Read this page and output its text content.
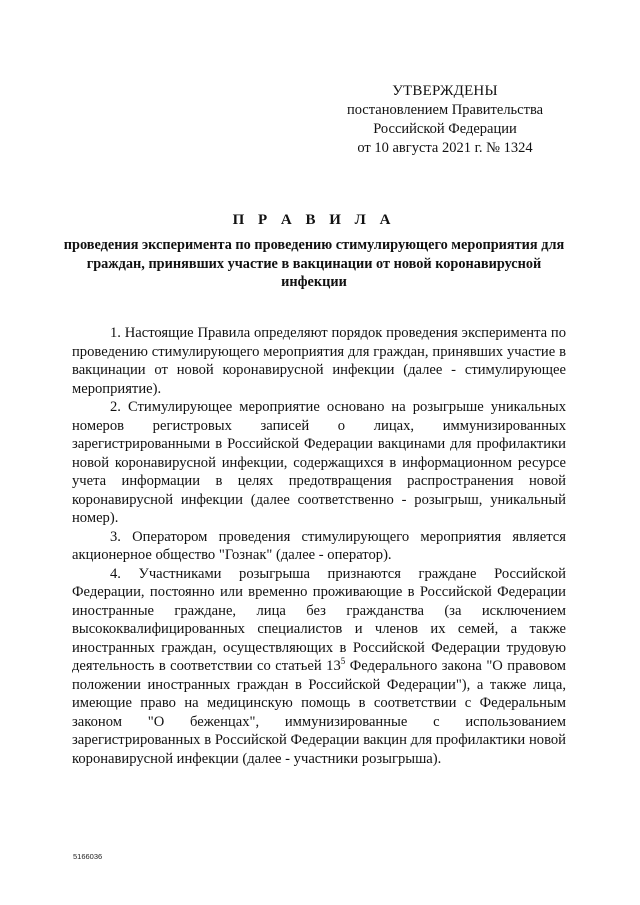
УТВЕРЖДЕНЫ
постановлением Правительства
Российской Федерации
от 10 августа 2021 г. № 1324
П Р А В И Л А
проведения эксперимента по проведению стимулирующего мероприятия для граждан, принявших участие в вакцинации от новой коронавирусной инфекции

1. Настоящие Правила определяют порядок проведения эксперимента по проведению стимулирующего мероприятия для граждан, принявших участие в вакцинации от новой коронавирусной инфекции (далее - стимулирующее мероприятие).

2. Стимулирующее мероприятие основано на розыгрыше уникальных номеров регистровых записей о лицах, иммунизированных зарегистрированными в Российской Федерации вакцинами для профилактики новой коронавирусной инфекции, содержащихся в информационном ресурсе учета информации в целях предотвращения распространения новой коронавирусной инфекции (далее соответственно - розыгрыш, уникальный номер).

3. Оператором проведения стимулирующего мероприятия является акционерное общество "Гознак" (далее - оператор).

4. Участниками розыгрыша признаются граждане Российской Федерации, постоянно или временно проживающие в Российской Федерации иностранные граждане, лица без гражданства (за исключением высококвалифицированных специалистов и членов их семей, а также иностранных граждан, осуществляющих в Российской Федерации трудовую деятельность в соответствии со статьей $13^5$ Федерального закона "О правовом положении иностранных граждан в Российской Федерации"), а также лица, имеющие право на медицинскую помощь в соответствии с Федеральным законом "О беженцах", иммунизированные с использованием зарегистрированных в Российской Федерации вакцин для профилактики новой коронавирусной инфекции (далее - участники розыгрыша).

5166036
